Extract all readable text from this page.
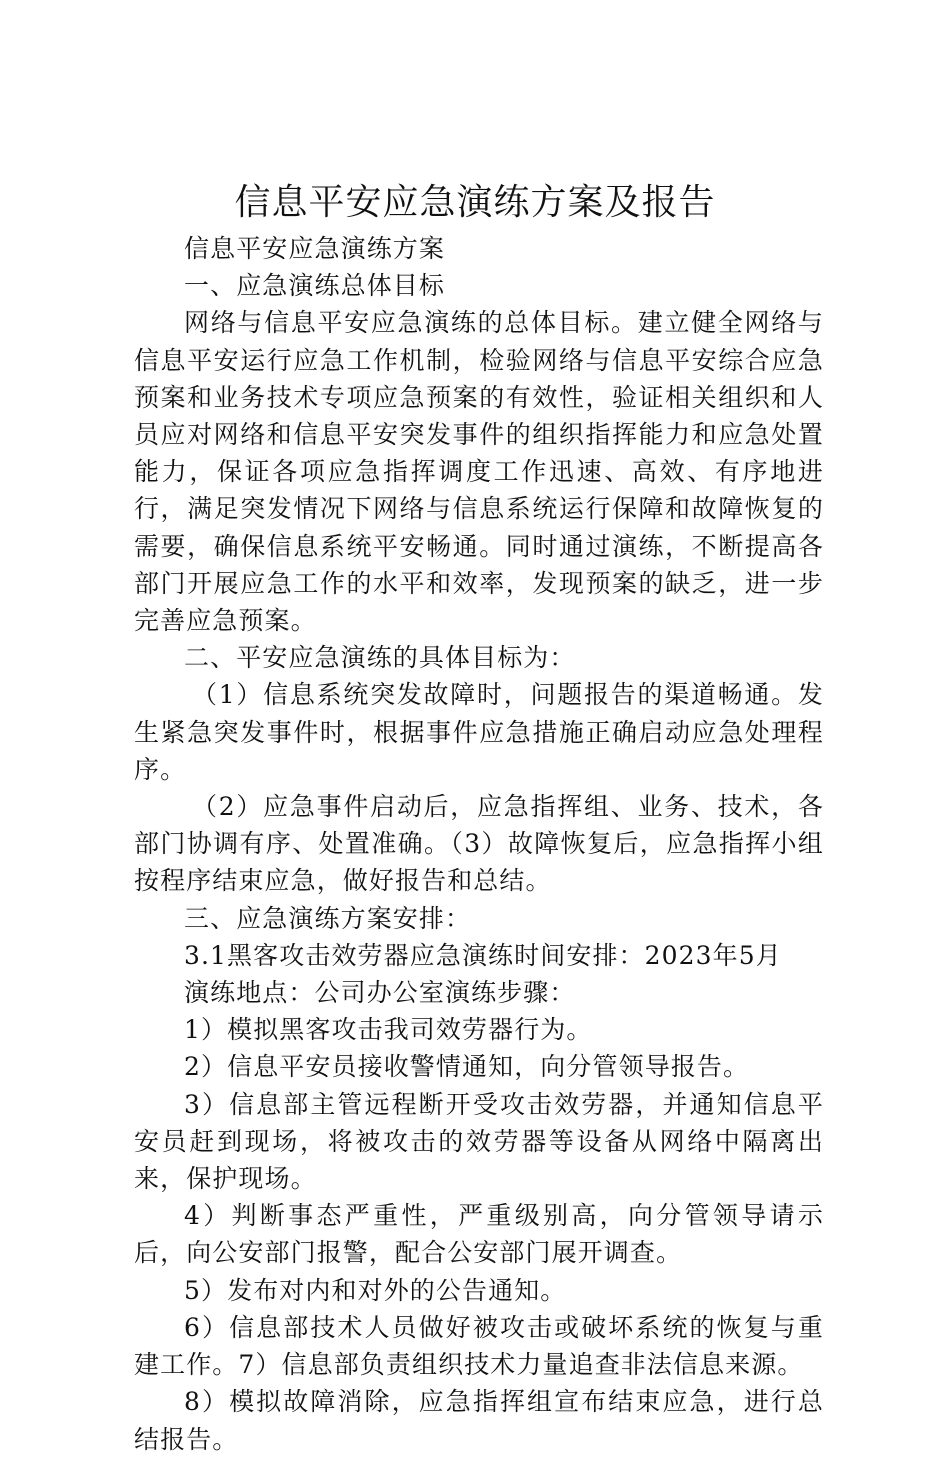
信息平安应急演练方案及报告

信息平安应急演练方案

一、应急演练总体目标

网络与信息平安应急演练的总体目标。建立健全网络与信息平安运行应急工作机制，检验网络与信息平安综合应急预案和业务技术专项应急预案的有效性，验证相关组织和人员应对网络和信息平安突发事件的组织指挥能力和应急处置能力，保证各项应急指挥调度工作迅速、高效、有序地进行，满足突发情况下网络与信息系统运行保障和故障恢复的需要，确保信息系统平安畅通。同时通过演练，不断提高各部门开展应急工作的水平和效率，发现预案的缺乏，进一步完善应急预案。

二、平安应急演练的具体目标为：

（1）信息系统突发故障时，问题报告的渠道畅通。发生紧急突发事件时，根据事件应急措施正确启动应急处理程序。

（2）应急事件启动后，应急指挥组、业务、技术，各部门协调有序、处置准确。（3）故障恢复后，应急指挥小组按程序结束应急，做好报告和总结。

三、应急演练方案安排：

3.1黑客攻击效劳器应急演练时间安排：2023年5月

演练地点：公司办公室演练步骤：

1）模拟黑客攻击我司效劳器行为。

2）信息平安员接收警情通知，向分管领导报告。

3）信息部主管远程断开受攻击效劳器，并通知信息平安员赶到现场，将被攻击的效劳器等设备从网络中隔离出来，保护现场。

4）判断事态严重性，严重级别高，向分管领导请示后，向公安部门报警，配合公安部门展开调查。

5）发布对内和对外的公告通知。

6）信息部技术人员做好被攻击或破坏系统的恢复与重建工作。7）信息部负责组织技术力量追查非法信息来源。

8）模拟故障消除，应急指挥组宣布结束应急，进行总结报告。
